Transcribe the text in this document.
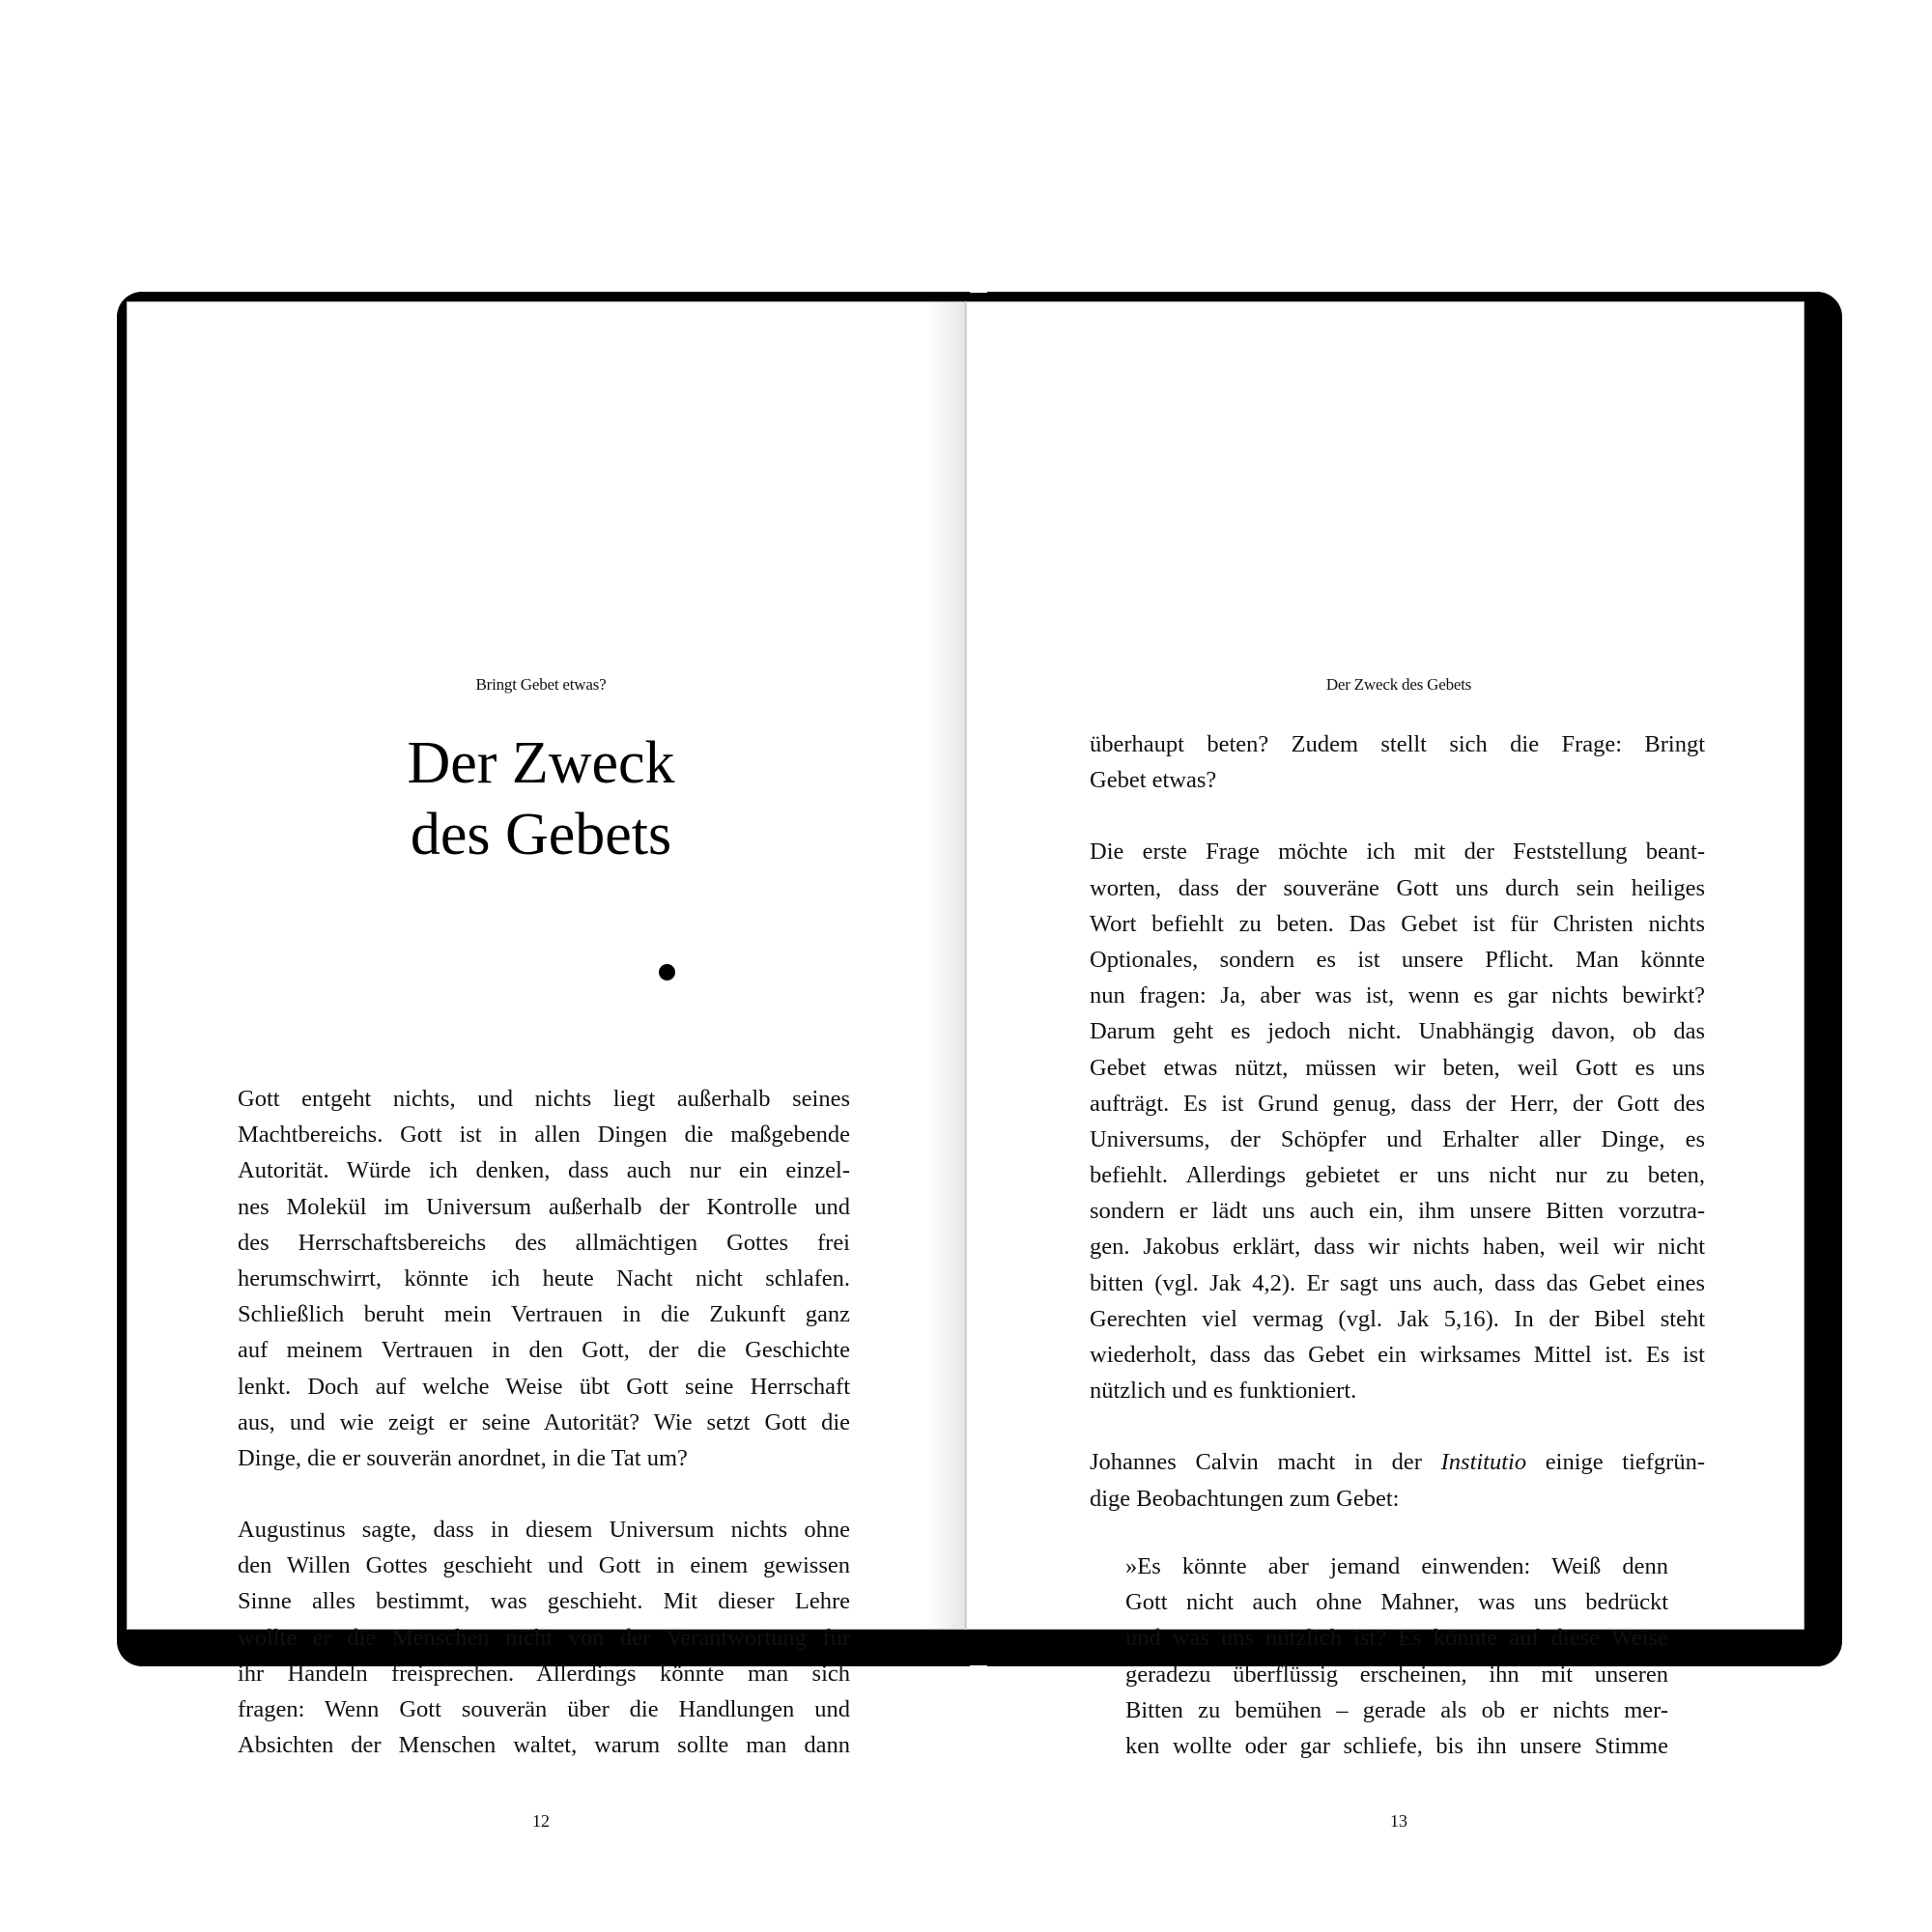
Bringt Gebet etwas?
Der Zweck
des Gebets

Gott entgeht nichts, und nichts liegt außerhalb seines
Machtbereichs. Gott ist in allen Dingen die maßgebende
Autorität. Würde ich denken, dass auch nur ein einzel-
nes Molekül im Universum außerhalb der Kontrolle und
des Herrschaftsbereichs des allmächtigen Gottes frei
herumschwirrt, könnte ich heute Nacht nicht schlafen.
Schließlich beruht mein Vertrauen in die Zukunft ganz
auf meinem Vertrauen in den Gott, der die Geschichte
lenkt. Doch auf welche Weise übt Gott seine Herrschaft
aus, und wie zeigt er seine Autorität? Wie setzt Gott die
Dinge, die er souverän anordnet, in die Tat um?

Augustinus sagte, dass in diesem Universum nichts ohne
den Willen Gottes geschieht und Gott in einem gewissen
Sinne alles bestimmt, was geschieht. Mit dieser Lehre
wollte er die Menschen nicht von der Verantwortung für
ihr Handeln freisprechen. Allerdings könnte man sich
fragen: Wenn Gott souverän über die Handlungen und
Absichten der Menschen waltet, warum sollte man dann

12
Der Zweck des Gebets

überhaupt beten? Zudem stellt sich die Frage: Bringt
Gebet etwas?

Die erste Frage möchte ich mit der Feststellung beant-
worten, dass der souveräne Gott uns durch sein heiliges
Wort befiehlt zu beten. Das Gebet ist für Christen nichts
Optionales, sondern es ist unsere Pflicht. Man könnte
nun fragen: Ja, aber was ist, wenn es gar nichts bewirkt?
Darum geht es jedoch nicht. Unabhängig davon, ob das
Gebet etwas nützt, müssen wir beten, weil Gott es uns
aufträgt. Es ist Grund genug, dass der Herr, der Gott des
Universums, der Schöpfer und Erhalter aller Dinge, es
befiehlt. Allerdings gebietet er uns nicht nur zu beten,
sondern er lädt uns auch ein, ihm unsere Bitten vorzutra-
gen. Jakobus erklärt, dass wir nichts haben, weil wir nicht
bitten (vgl. Jak 4,2). Er sagt uns auch, dass das Gebet eines
Gerechten viel vermag (vgl. Jak 5,16). In der Bibel steht
wiederholt, dass das Gebet ein wirksames Mittel ist. Es ist
nützlich und es funktioniert.

Johannes Calvin macht in der Institutio einige tiefgrün-
dige Beobachtungen zum Gebet:

»Es könnte aber jemand einwenden: Weiß denn
Gott nicht auch ohne Mahner, was uns bedrückt
und was uns nützlich ist? Es könnte auf diese Weise
geradezu überflüssig erscheinen, ihn mit unseren
Bitten zu bemühen – gerade als ob er nichts mer-
ken wollte oder gar schliefe, bis ihn unsere Stimme
13
